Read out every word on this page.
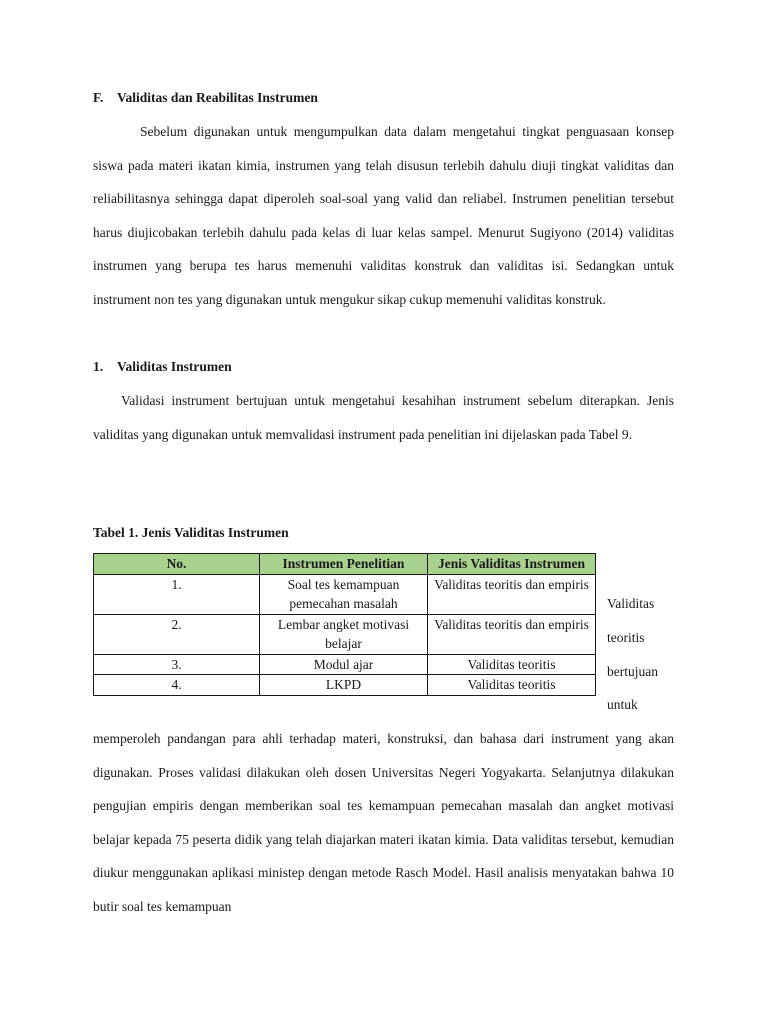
F. Validitas dan Reabilitas Instrumen

Sebelum digunakan untuk mengumpulkan data dalam mengetahui tingkat penguasaan konsep siswa pada materi ikatan kimia, instrumen yang telah disusun terlebih dahulu diuji tingkat validitas dan reliabilitasnya sehingga dapat diperoleh soal-soal yang valid dan reliabel. Instrumen penelitian tersebut harus diujicobakan terlebih dahulu pada kelas di luar kelas sampel. Menurut Sugiyono (2014) validitas instrumen yang berupa tes harus memenuhi validitas konstruk dan validitas isi. Sedangkan untuk instrument non tes yang digunakan untuk mengukur sikap cukup memenuhi validitas konstruk.

1. Validitas Instrumen

Validasi instrument bertujuan untuk mengetahui kesahihan instrument sebelum diterapkan. Jenis validitas yang digunakan untuk memvalidasi instrument pada penelitian ini dijelaskan pada Tabel 9.

Tabel 1. Jenis Validitas Instrumen
No.	Instrumen Penelitian	Jenis Validitas Instrumen
1.	Soal tes kemampuan pemecahan masalah	Validitas teoritis dan empiris
2.	Lembar angket motivasi belajar	Validitas teoritis dan empiris
3.	Modul ajar	Validitas teoritis
4.	LKPD	Validitas teoritis
Validitas
teoritis
bertujuan
untuk

memperoleh pandangan para ahli terhadap materi, konstruksi, dan bahasa dari instrument yang akan digunakan. Proses validasi dilakukan oleh dosen Universitas Negeri Yogyakarta. Selanjutnya dilakukan pengujian empiris dengan memberikan soal tes kemampuan pemecahan masalah dan angket motivasi belajar kepada 75 peserta didik yang telah diajarkan materi ikatan kimia. Data validitas tersebut, kemudian diukur menggunakan aplikasi ministep dengan metode Rasch Model. Hasil analisis menyatakan bahwa 10 butir soal tes kemampuan
